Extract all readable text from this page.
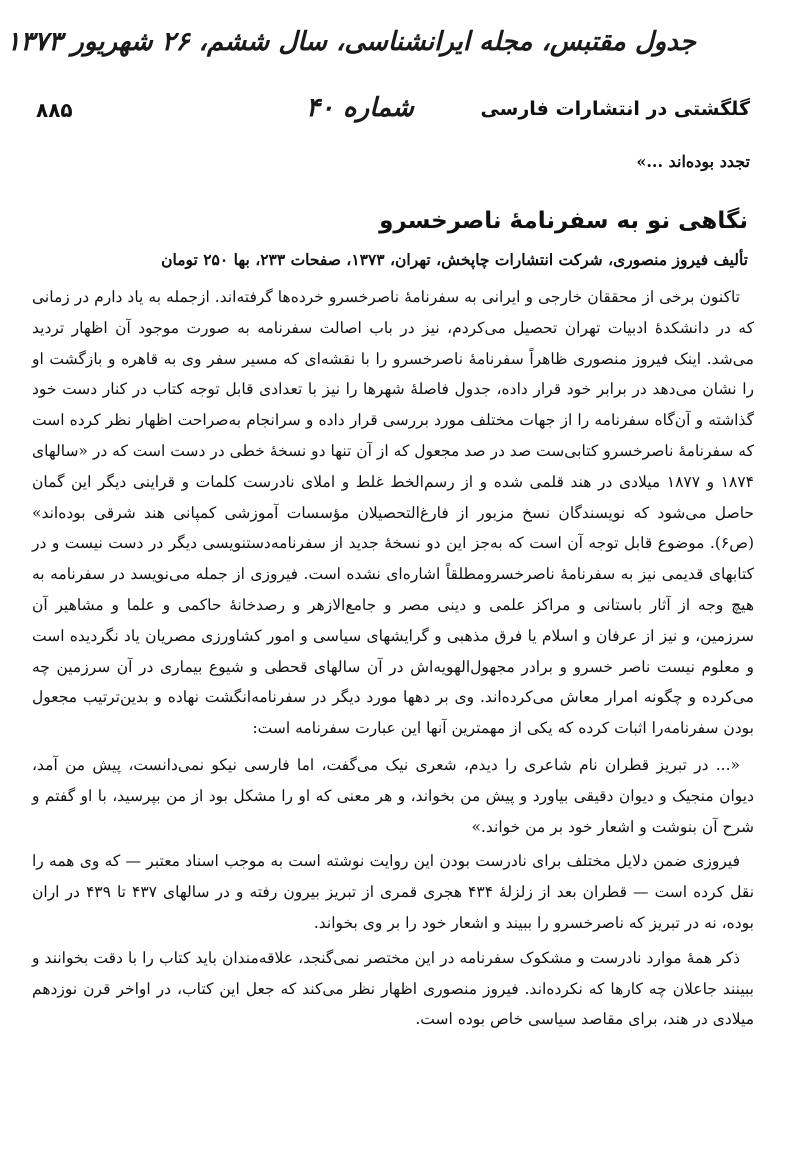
جدول مقتبس، مجله ایرانشناسی، سال ششم، ۲۶ شهریور ۱۳۷۳
شماره ۴۰
۸۸۵	گلگشتی در انتشارات فارسی
تجدد بوده‌اند ...»
نگاهی نو به سفرنامهٔ ناصرخسرو
تألیف فیروز منصوری، شرکت انتشارات چاپخش، تهران، ۱۳۷۳، صفحات ۲۳۳، بها ۲۵۰ تومان

تاکنون برخی از محققان خارجی و ایرانی به سفرنامهٔ ناصرخسرو خرده‌ها گرفته‌اند. ازجمله به یاد دارم در زمانی که در دانشکدهٔ ادبیات تهران تحصیل می‌کردم، نیز در باب اصالت سفرنامه به صورت موجود آن اظهار تردید می‌شد. اینک فیروز منصوری ظاهراً سفرنامهٔ ناصرخسرو را با نقشه‌ای که مسیر سفر وی به قاهره و بازگشت او را نشان می‌دهد در برابر خود قرار داده، جدول فاصلهٔ شهرها را نیز با تعدادی قابل توجه کتاب در کنار دست خود گذاشته و آن‌گاه سفرنامه را از جهات مختلف مورد بررسی قرار داده و سرانجام به‌صراحت اظهار نظر کرده است که سفرنامهٔ ناصرخسرو کتابی‌ست صد در صد مجعول که از آن تنها دو نسخهٔ خطی در دست است که در «سالهای ۱۸۷۴ و ۱۸۷۷ میلادی در هند قلمی شده و از رسم‌الخط غلط و املای نادرست کلمات و قراینی دیگر این گمان حاصل می‌شود که نویسندگان نسخ مزبور از فارغ‌التحصیلان مؤسسات آموزشی کمپانی هند شرقی بوده‌اند» (ص۶). موضوع قابل توجه آن است که به‌جز این دو نسخهٔ جدید از سفرنامه‌دستنویسی دیگر در دست نیست و در کتابهای قدیمی نیز به سفرنامهٔ ناصرخسرومطلقاً اشاره‌ای نشده است. فیروزی از جمله می‌نویسد در سفرنامه به هیچ وجه از آثار باستانی و مراکز علمی و دینی مصر و جامع‌الازهر و رصدخانهٔ حاکمی و علما و مشاهیر آن سرزمین، و نیز از عرفان و اسلام یا فرق مذهبی و گرایشهای سیاسی و امور کشاورزی مصریان یاد نگردیده است و معلوم نیست ناصر خسرو و برادر مجهول‌الهویه‌اش در آن سالهای قحطی و شیوع بیماری در آن سرزمین چه می‌کرده و چگونه امرار معاش می‌کرده‌اند. وی بر دهها مورد دیگر در سفرنامه‌انگشت نهاده و بدین‌ترتیب مجعول بودن سفرنامه‌را اثبات کرده که یکی از مهمترین آنها این عبارت سفرنامه است:

«... در تبریز قطران نام شاعری را دیدم، شعری نیک می‌گفت، اما فارسی نیکو نمی‌دانست، پیش من آمد، دیوان منجیک و دیوان دقیقی بیاورد و پیش من بخواند، و هر معنی که او را مشکل بود از من بپرسید، با او گفتم و شرح آن بنوشت و اشعار خود بر من خواند.»

فیروزی ضمن دلایل مختلف برای نادرست بودن این روایت نوشته است به موجب اسناد معتبر — که وی همه را نقل کرده است — قطران بعد از زلزلهٔ ۴۳۴ هجری قمری از تبریز بیرون رفته و در سالهای ۴۳۷ تا ۴۳۹ در اران بوده، نه در تبریز که ناصرخسرو را ببیند و اشعار خود را بر وی بخواند.

ذکر همهٔ موارد نادرست و مشکوک سفرنامه در این مختصر نمی‌گنجد، علاقه‌مندان باید کتاب را با دقت بخوانند و ببینند جاعلان چه کارها که نکرده‌اند. فیروز منصوری اظهار نظر می‌کند که جعل این کتاب، در اواخر قرن نوزدهم میلادی در هند، برای مقاصد سیاسی خاص بوده است.
